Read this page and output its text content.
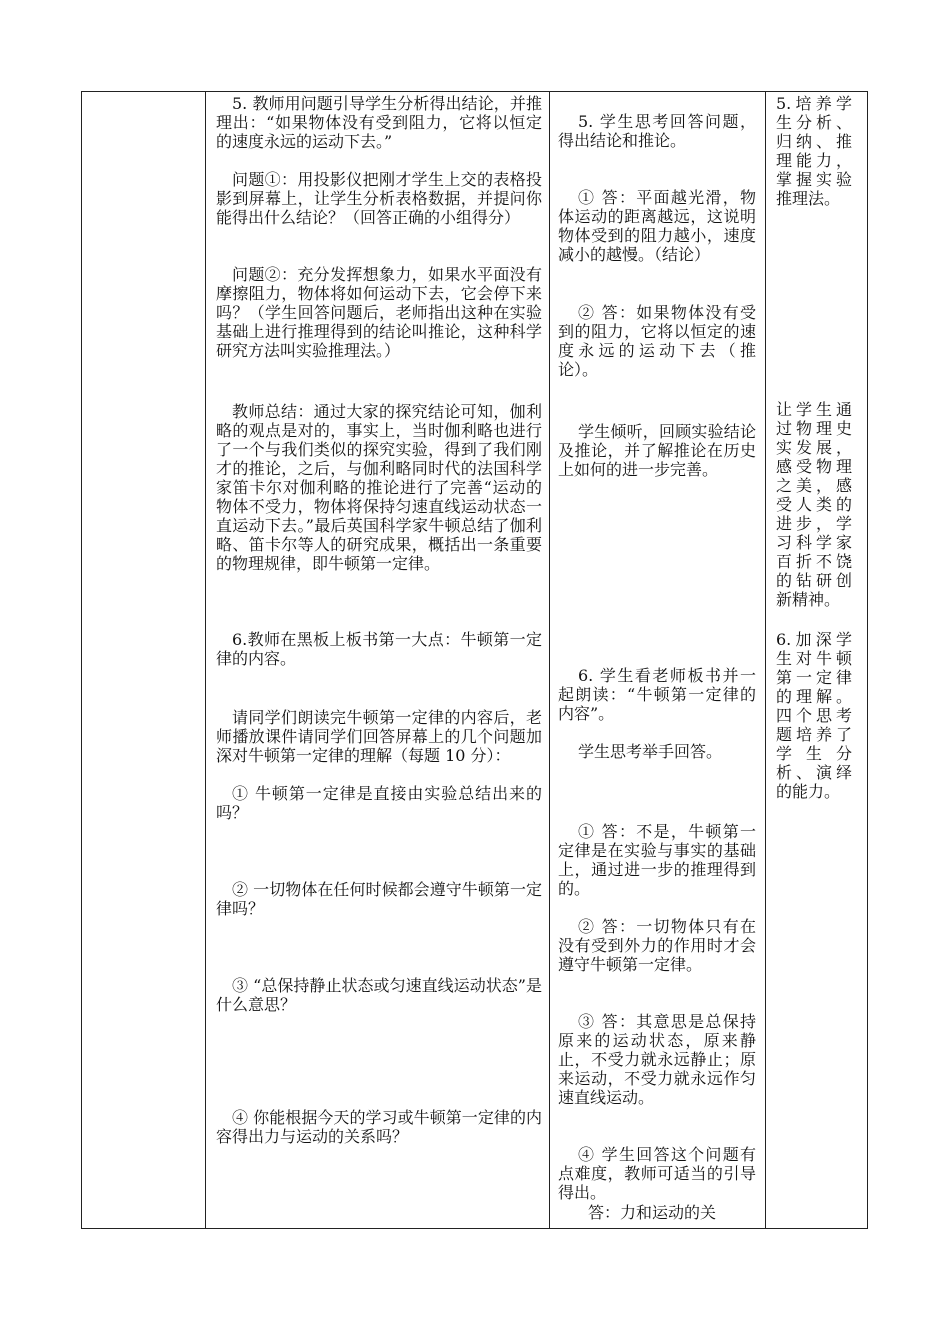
5. 教师用问题引导学生分析得出结论，并推理出：“如果物体没有受到阻力，它将以恒定的速度永远的运动下去。”

问题①：用投影仪把刚才学生上交的表格投影到屏幕上，让学生分析表格数据，并提问你能得出什么结论？（回答正确的小组得分）

问题②：充分发挥想象力，如果水平面没有摩擦阻力，物体将如何运动下去，它会停下来吗？（学生回答问题后，老师指出这种在实验基础上进行推理得到的结论叫推论，这种科学研究方法叫实验推理法。）

教师总结：通过大家的探究结论可知，伽利略的观点是对的，事实上，当时伽利略也进行了一个与我们类似的探究实验，得到了我们刚才的推论，之后，与伽利略同时代的法国科学家笛卡尔对伽利略的推论进行了完善“运动的物体不受力，物体将保持匀速直线运动状态一直运动下去。”最后英国科学家牛顿总结了伽利略、笛卡尔等人的研究成果，概括出一条重要的物理规律，即牛顿第一定律。

6.教师在黑板上板书第一大点：牛顿第一定律的内容。

请同学们朗读完牛顿第一定律的内容后，老师播放课件请同学们回答屏幕上的几个问题加深对牛顿第一定律的理解（每题 10 分）：

① 牛顿第一定律是直接由实验总结出来的吗？

② 一切物体在任何时候都会遵守牛顿第一定律吗？

③ “总保持静止状态或匀速直线运动状态”是什么意思？

④ 你能根据今天的学习或牛顿第一定律的内容得出力与运动的关系吗？

5. 学生思考回答问题，得出结论和推论。

① 答：平面越光滑，物体运动的距离越远，这说明物体受到的阻力越小，速度减小的越慢。（结论）

② 答：如果物体没有受到的阻力，它将以恒定的速度永远的运动下去（推论）。

学生倾听，回顾实验结论及推论，并了解推论在历史上如何的进一步完善。

6. 学生看老师板书并一起朗读：“牛顿第一定律的内容”。

学生思考举手回答。

① 答：不是，牛顿第一定律是在实验与事实的基础上，通过进一步的推理得到的。

② 答：一切物体只有在没有受到外力的作用时才会遵守牛顿第一定律。

③ 答：其意思是总保持原来的运动状态，原来静止，不受力就永远静止；原来运动，不受力就永远作匀速直线运动。

④ 学生回答这个问题有点难度，教师可适当的引导得出。

答：力和运动的关

5.培养学生分析、归纳、推理能力，掌握实验推理法。

让学生通过物理史实发展，感受物理之美，感受人类的进步，学习科学家百折不饶的钻研创新精神。

6.加深学生对牛顿第一定律的理解。四个思考题培养了学生分析、演绎的能力。
